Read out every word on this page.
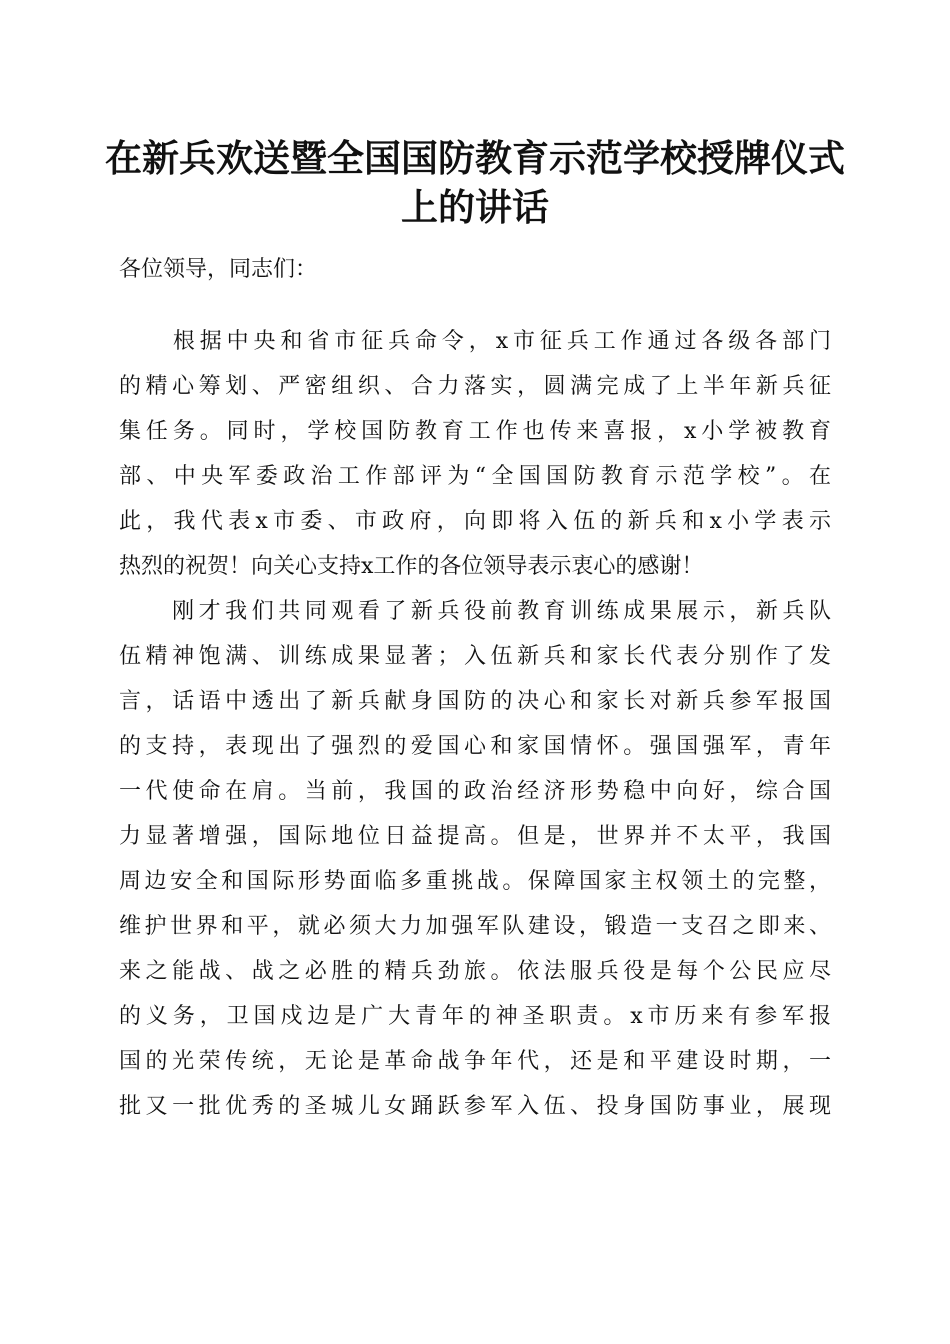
在新兵欢送暨全国国防教育示范学校授牌仪式
上的讲话
各位领导，同志们：
　　根据中央和省市征兵命令，x市征兵工作通过各级各部门
的精心筹划、严密组织、合力落实，圆满完成了上半年新兵征
集任务。同时，学校国防教育工作也传来喜报，x小学被教育
部、中央军委政治工作部评为“全国国防教育示范学校”。在
此，我代表x市委、市政府，向即将入伍的新兵和x小学表示
热烈的祝贺！向关心支持x工作的各位领导表示衷心的感谢！
　　刚才我们共同观看了新兵役前教育训练成果展示，新兵队
伍精神饱满、训练成果显著；入伍新兵和家长代表分别作了发
言，话语中透出了新兵献身国防的决心和家长对新兵参军报国
的支持，表现出了强烈的爱国心和家国情怀。强国强军，青年
一代使命在肩。当前，我国的政治经济形势稳中向好，综合国
力显著增强，国际地位日益提高。但是，世界并不太平，我国
周边安全和国际形势面临多重挑战。保障国家主权领土的完整，
维护世界和平，就必须大力加强军队建设，锻造一支召之即来、
来之能战、战之必胜的精兵劲旅。依法服兵役是每个公民应尽
的义务，卫国戍边是广大青年的神圣职责。x市历来有参军报
国的光荣传统，无论是革命战争年代，还是和平建设时期，一
批又一批优秀的圣城儿女踊跃参军入伍、投身国防事业，展现
